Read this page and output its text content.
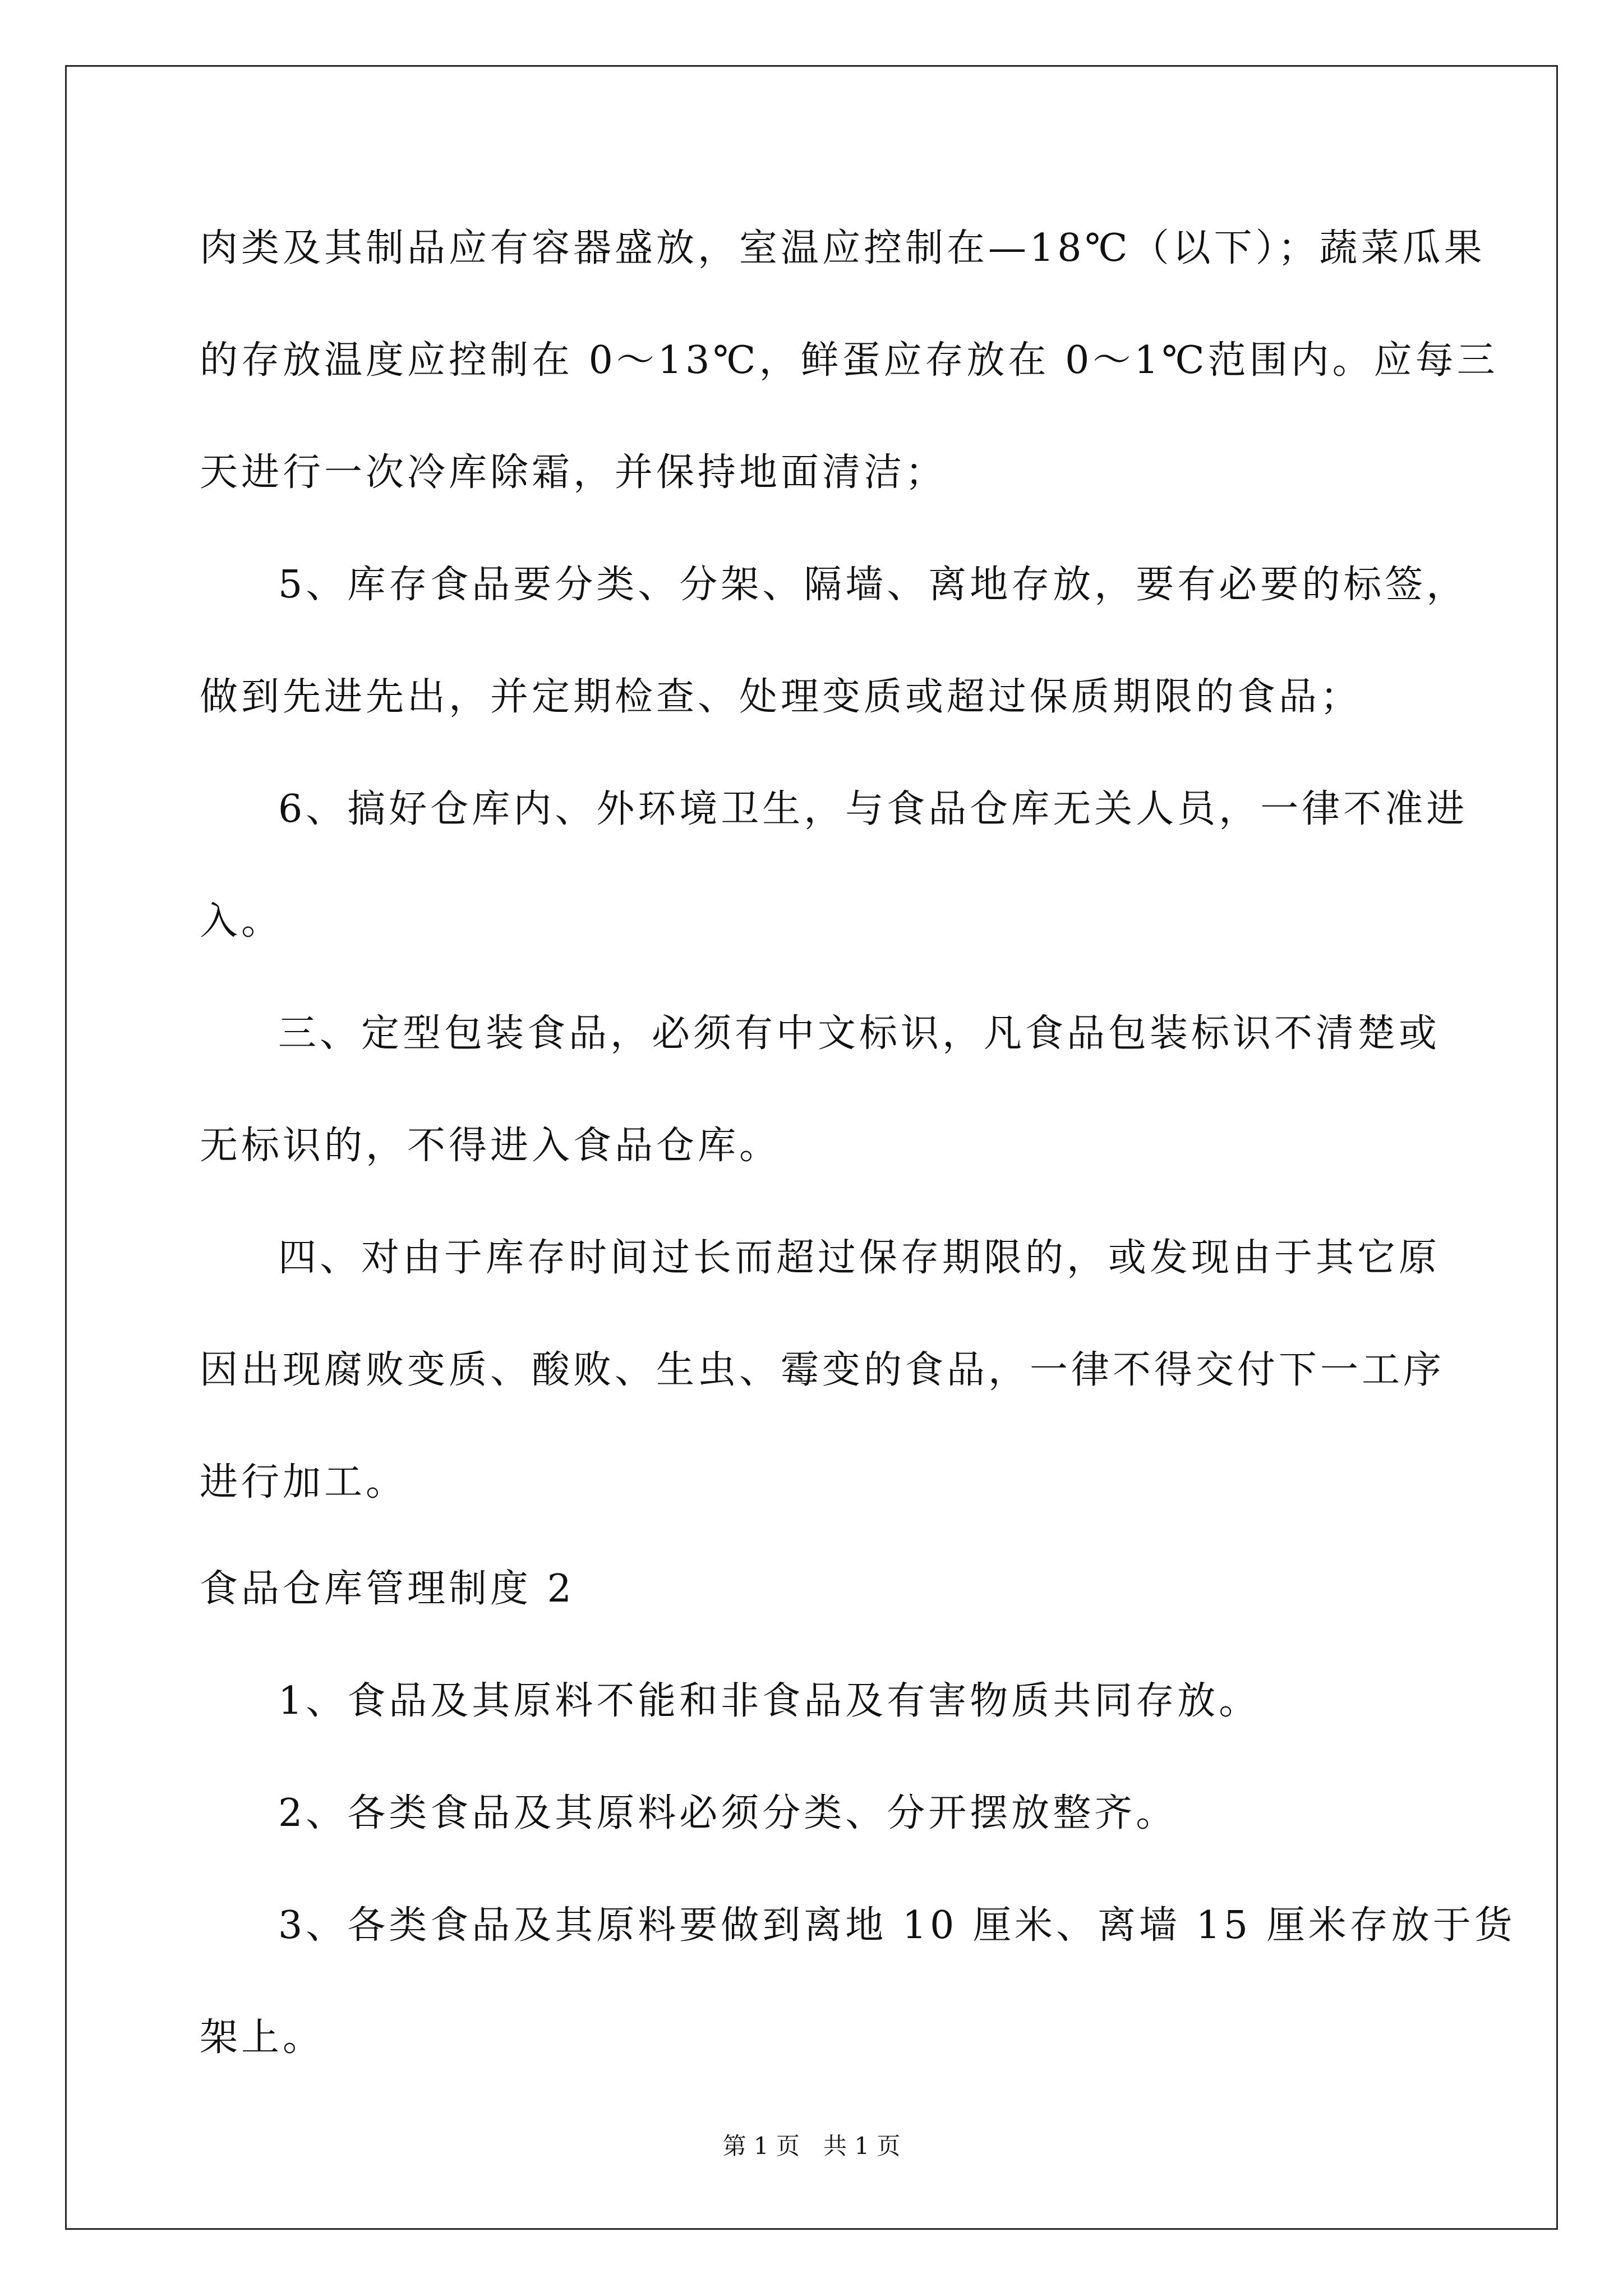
肉类及其制品应有容器盛放，室温应控制在—18℃（以下）；蔬菜瓜果
的存放温度应控制在 0～13℃，鲜蛋应存放在 0～1℃范围内。应每三
天进行一次冷库除霜，并保持地面清洁；
5、库存食品要分类、分架、隔墙、离地存放，要有必要的标签，
做到先进先出，并定期检查、处理变质或超过保质期限的食品；
6、搞好仓库内、外环境卫生，与食品仓库无关人员，一律不准进
入。
三、定型包装食品，必须有中文标识，凡食品包装标识不清楚或
无标识的，不得进入食品仓库。
四、对由于库存时间过长而超过保存期限的，或发现由于其它原
因出现腐败变质、酸败、生虫、霉变的食品，一律不得交付下一工序
进行加工。
食品仓库管理制度 2
1、食品及其原料不能和非食品及有害物质共同存放。
2、各类食品及其原料必须分类、分开摆放整齐。
3、各类食品及其原料要做到离地 10 厘米、离墙 15 厘米存放于货
架上。
第 1 页　共 1 页
